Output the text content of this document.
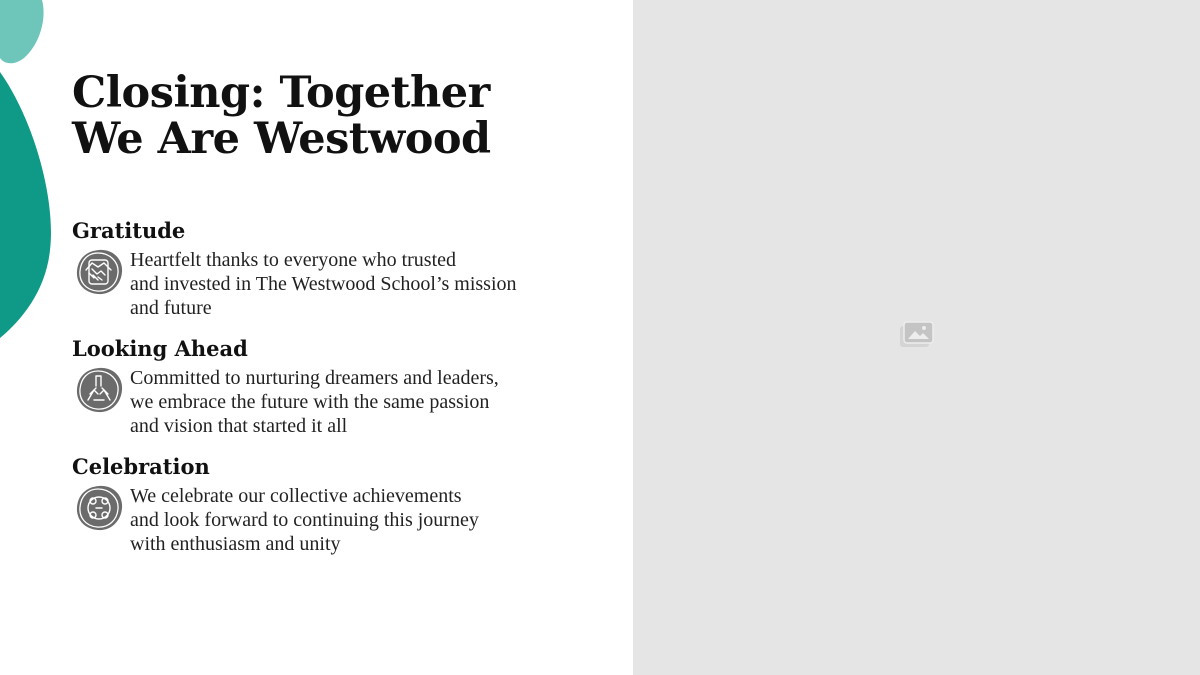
Closing: Together
We Are Westwood
Gratitude

Heartfelt thanks to everyone who trusted
and invested in The Westwood School’s mission
and future

Looking Ahead

Committed to nurturing dreamers and leaders,
we embrace the future with the same passion
and vision that started it all

Celebration

We celebrate our collective achievements
and look forward to continuing this journey
with enthusiasm and unity
